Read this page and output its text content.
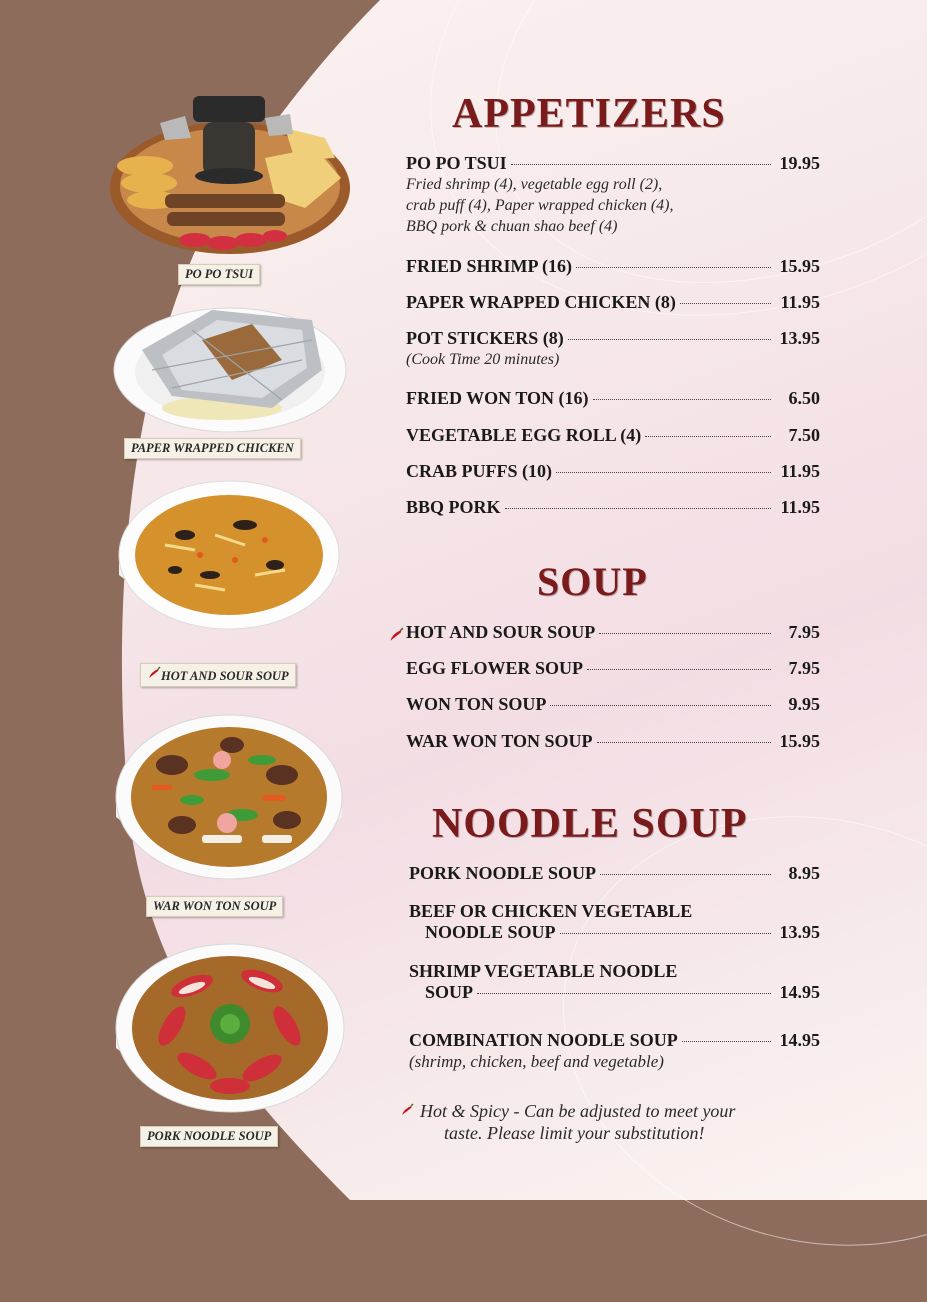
PO PO TSUI
PAPER WRAPPED CHICKEN
HOT AND SOUR SOUP
WAR WON TON SOUP
PORK NOODLE SOUP
APPETIZERS
PO PO TSUI	19.95
Fried shrimp (4), vegetable egg roll (2),
crab puff (4), Paper wrapped chicken (4),
BBQ pork & chuan shao beef (4)
FRIED SHRIMP (16)	15.95
PAPER WRAPPED CHICKEN (8)	11.95
POT STICKERS (8)	13.95
(Cook Time 20 minutes)
FRIED WON TON (16)	6.50
VEGETABLE EGG ROLL (4)	7.50
CRAB PUFFS (10)	11.95
BBQ PORK	11.95
SOUP
HOT AND SOUR SOUP	7.95
EGG FLOWER SOUP	7.95
WON TON SOUP	9.95
WAR WON TON SOUP	15.95
NOODLE SOUP
PORK NOODLE SOUP	8.95
BEEF OR CHICKEN VEGETABLE
NOODLE SOUP	13.95
SHRIMP VEGETABLE NOODLE
SOUP	14.95
COMBINATION NOODLE SOUP	14.95
(shrimp, chicken, beef and vegetable)
Hot & Spicy - Can be adjusted to meet your
taste. Please limit your substitution!
